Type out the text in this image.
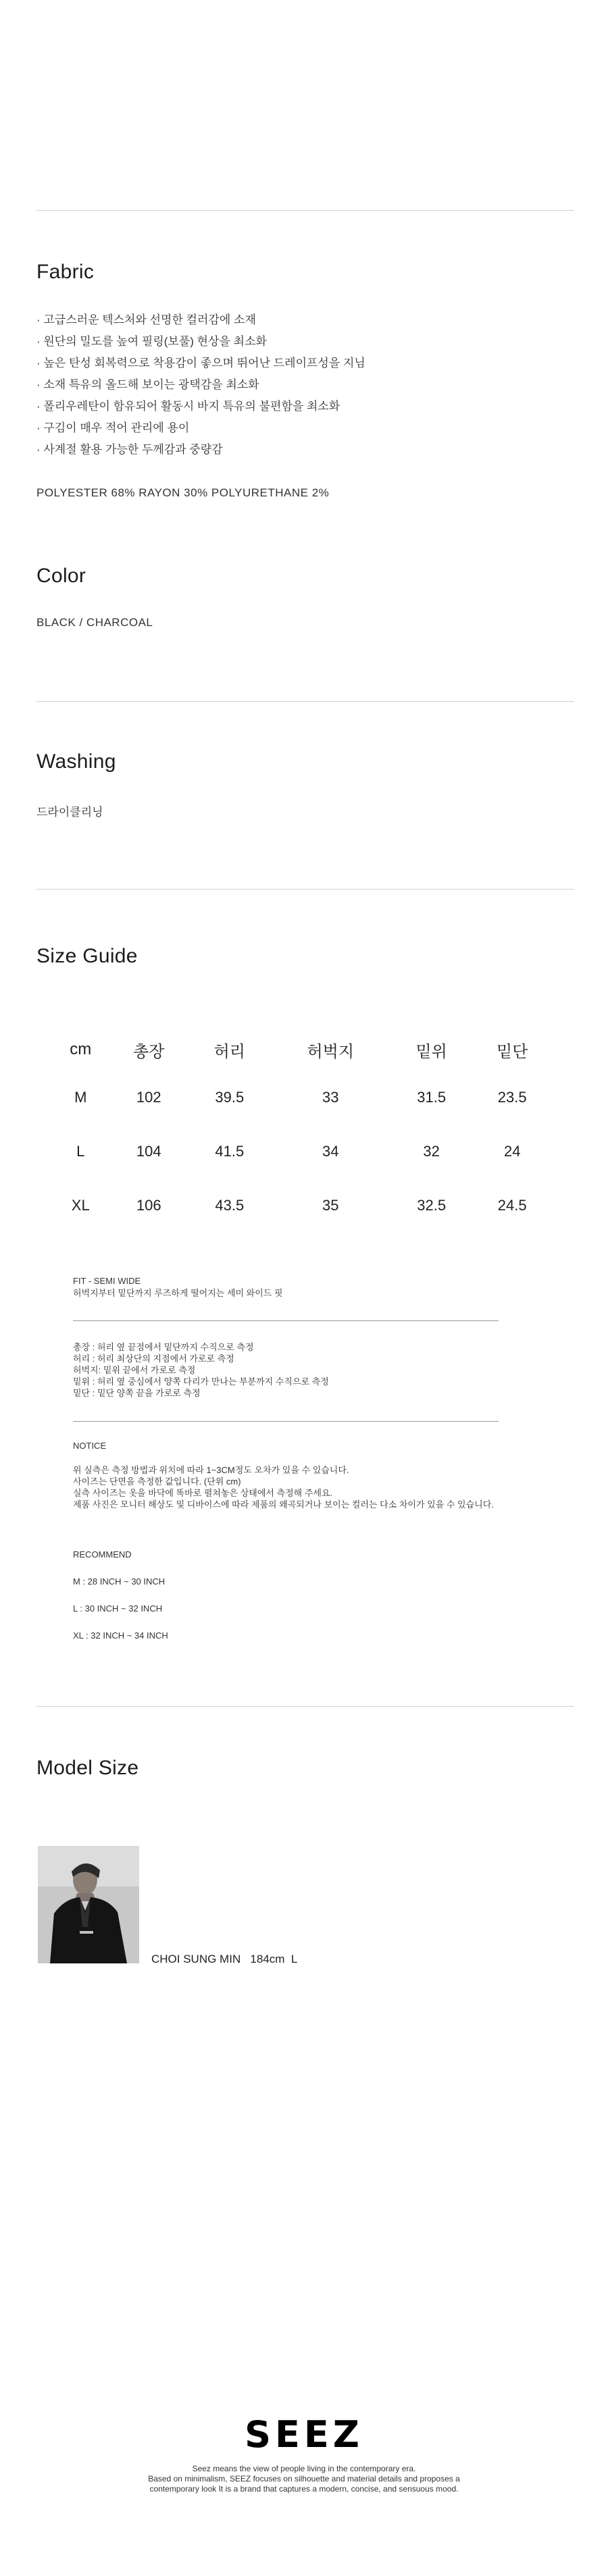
Fabric
· 고급스러운 텍스처와 선명한 컬러감에 소재
· 원단의 밀도를 높여 필링(보풀) 현상을 최소화
· 높은 탄성 회복력으로 착용감이 좋으며 뛰어난 드레이프성을 지님
· 소재 특유의 올드해 보이는 광택감을 최소화
· 폴리우레탄이 함유되어 활동시 바지 특유의 불편함을 최소화
· 구김이 매우 적어 관리에 용이
· 사계절 활용 가능한 두께감과 중량감
POLYESTER 68% RAYON 30% POLYURETHANE 2%
Color
BLACK / CHARCOAL
Washing
드라이클리닝
Size Guide
cm	총장	허리	허벅지	밑위	밑단
M	102	39.5	33	31.5	23.5
L	104	41.5	34	32	24
XL	106	43.5	35	32.5	24.5
FIT - SEMI WIDE
허벅지부터 밑단까지 루즈하게 떨어지는 세미 와이드 핏
총장 : 허리 옆 끝점에서 밑단까지 수직으로 측정
허리 : 허리 최상단의 지점에서 가로로 측정
허벅지: 밑위 끝에서 가로로 측정
밑위 : 허리 옆 중심에서 양쪽 다리가 만나는 부분까지 수직으로 측정
밑단 : 밑단 양쪽 끝을 가로로 측정
NOTICE
위 실측은 측정 방법과 위치에 따라 1~3CM정도 오차가 있을 수 있습니다.
사이즈는 단면을 측정한 값입니다. (단위 cm)
실측 사이즈는 옷을 바닥에 똑바로 펼쳐놓은 상태에서 측정해 주세요.
제품 사진은 모니터 해상도 및 디바이스에 따라 제품의 왜곡되거나 보이는 컬러는 다소 차이가 있을 수 있습니다.
RECOMMEND
M : 28 INCH ~ 30 INCH
L : 30 INCH ~ 32 INCH
XL : 32 INCH ~ 34 INCH
Model Size
CHOI SUNG MIN   184cm  L
SEEZ
Seez means the view of people living in the contemporary era.
Based on minimalism, SEEZ focuses on silhouette and material details and proposes a
contemporary look It is a brand that captures a modern, concise, and sensuous mood.
